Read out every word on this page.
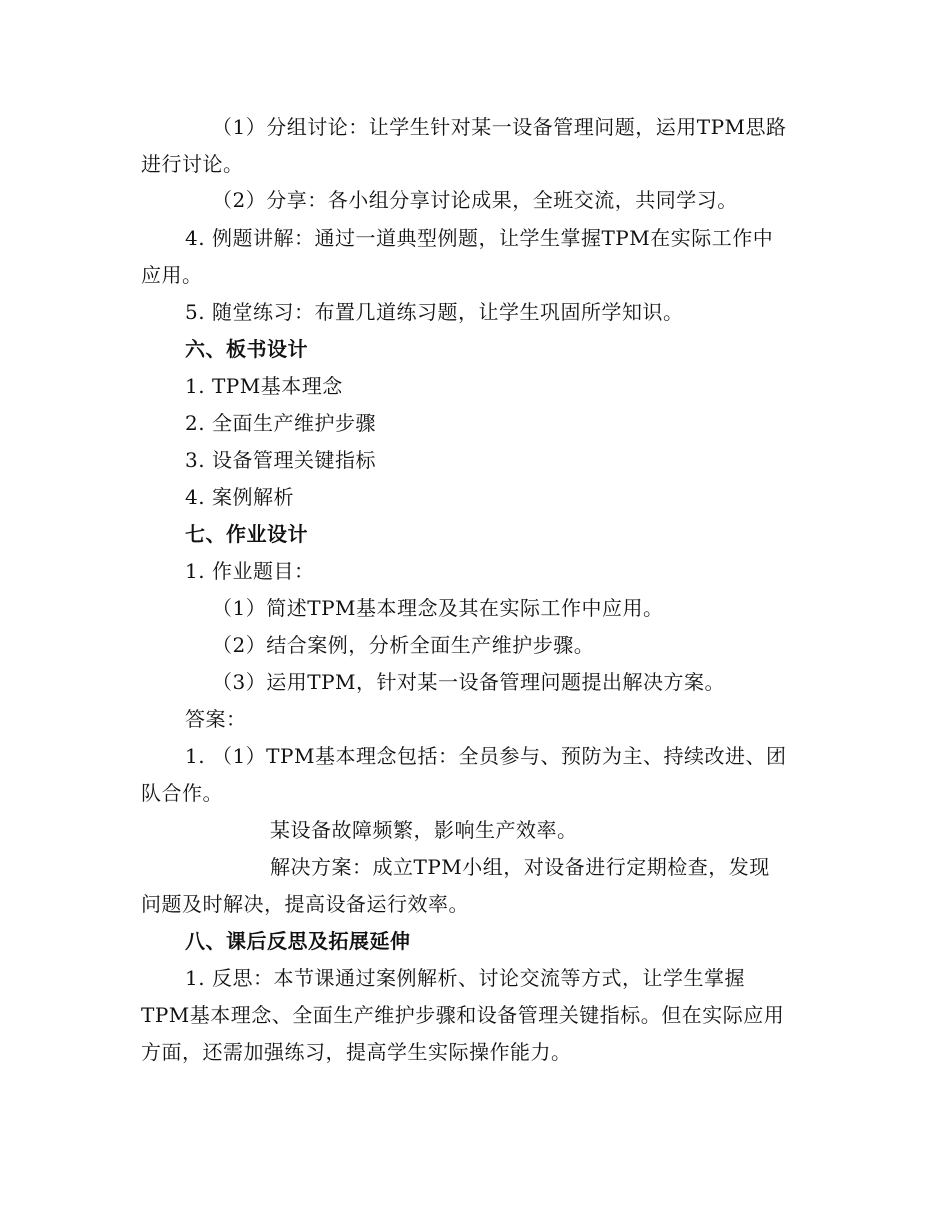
（1）分组讨论：让学生针对某一设备管理问题，运用TPM思路
进行讨论。
（2）分享：各小组分享讨论成果，全班交流，共同学习。
4. 例题讲解：通过一道典型例题，让学生掌握TPM在实际工作中
应用。
5. 随堂练习：布置几道练习题，让学生巩固所学知识。
六、板书设计
1. TPM基本理念
2. 全面生产维护步骤
3. 设备管理关键指标
4. 案例解析
七、作业设计
1. 作业题目：
（1）简述TPM基本理念及其在实际工作中应用。
（2）结合案例，分析全面生产维护步骤。
（3）运用TPM，针对某一设备管理问题提出解决方案。
答案：
1. （1）TPM基本理念包括：全员参与、预防为主、持续改进、团
队合作。
某设备故障频繁，影响生产效率。
解决方案：成立TPM小组，对设备进行定期检查，发现
问题及时解决，提高设备运行效率。
八、课后反思及拓展延伸
1. 反思：本节课通过案例解析、讨论交流等方式，让学生掌握
TPM基本理念、全面生产维护步骤和设备管理关键指标。但在实际应用
方面，还需加强练习，提高学生实际操作能力。
